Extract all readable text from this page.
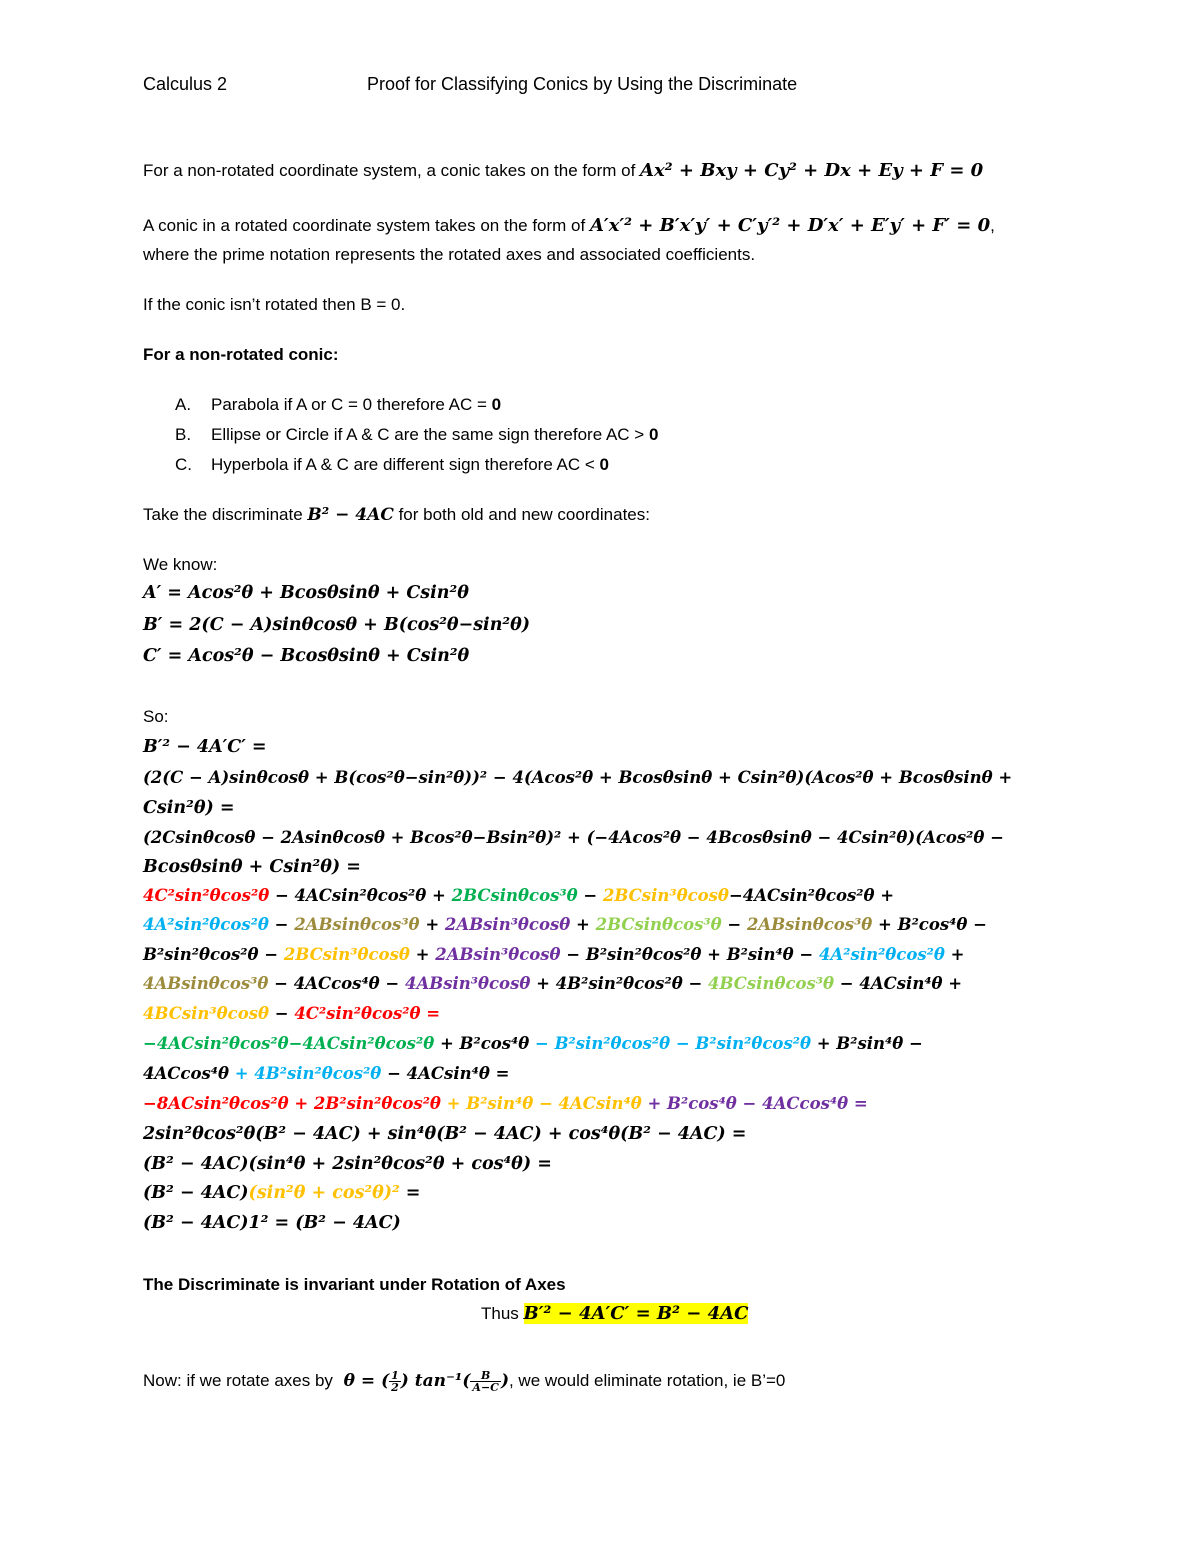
Calculus 2	Proof for Classifying Conics by Using the Discriminate
For a non-rotated coordinate system, a conic takes on the form of Ax² + Bxy + Cy² + Dx + Ey + F = 0
A conic in a rotated coordinate system takes on the form of A′x′² + B′x′y′ + C′y′² + D′x′ + E′y′ + F′ = 0,
where the prime notation represents the rotated axes and associated coefficients.
If the conic isn’t rotated then B = 0.
For a non-rotated conic:
A. Parabola if A or C = 0 therefore AC = 0
B. Ellipse or Circle if A & C are the same sign therefore AC > 0
C. Hyperbola if A & C are different sign therefore AC < 0
Take the discriminate B² − 4AC for both old and new coordinates:
We know:
A′ = Acos²θ + Bcosθsinθ + Csin²θ
B′ = 2(C − A)sinθcosθ + B(cos²θ−sin²θ)
C′ = Acos²θ − Bcosθsinθ + Csin²θ
So:
B′² − 4A′C′ =
(2(C − A)sinθcosθ + B(cos²θ−sin²θ))² − 4(Acos²θ + Bcosθsinθ + Csin²θ)(Acos²θ + Bcosθsinθ +
Csin²θ) =
(2Csinθcosθ − 2Asinθcosθ + Bcos²θ−Bsin²θ)² + (−4Acos²θ − 4Bcosθsinθ − 4Csin²θ)(Acos²θ −
Bcosθsinθ + Csin²θ) =
4C²sin²θcos²θ − 4ACsin²θcos²θ + 2BCsinθcos³θ − 2BCsin³θcosθ−4ACsin²θcos²θ +
4A²sin²θcos²θ − 2ABsinθcos³θ + 2ABsin³θcosθ + 2BCsinθcos³θ − 2ABsinθcos³θ + B²cos⁴θ −
B²sin²θcos²θ − 2BCsin³θcosθ + 2ABsin³θcosθ − B²sin²θcos²θ + B²sin⁴θ − 4A²sin²θcos²θ +
4ABsinθcos³θ − 4ACcos⁴θ − 4ABsin³θcosθ + 4B²sin²θcos²θ − 4BCsinθcos³θ − 4ACsin⁴θ +
4BCsin³θcosθ − 4C²sin²θcos²θ =
−4ACsin²θcos²θ−4ACsin²θcos²θ + B²cos⁴θ − B²sin²θcos²θ − B²sin²θcos²θ + B²sin⁴θ −
4ACcos⁴θ + 4B²sin²θcos²θ − 4ACsin⁴θ =
−8ACsin²θcos²θ + 2B²sin²θcos²θ + B²sin⁴θ − 4ACsin⁴θ + B²cos⁴θ − 4ACcos⁴θ =
2sin²θcos²θ(B² − 4AC) + sin⁴θ(B² − 4AC) + cos⁴θ(B² − 4AC) =
(B² − 4AC)(sin⁴θ + 2sin²θcos²θ + cos⁴θ) =
(B² − 4AC)(sin²θ + cos²θ)² =
(B² − 4AC)1² = (B² − 4AC)
The Discriminate is invariant under Rotation of Axes
Thus B′² − 4A′C′ = B² − 4AC
Now: if we rotate axes by θ = ( $\frac{1}{2}$ ) $\tan^{-1}( \frac{B}{A-C}$ ), we would eliminate rotation, ie B’=0
